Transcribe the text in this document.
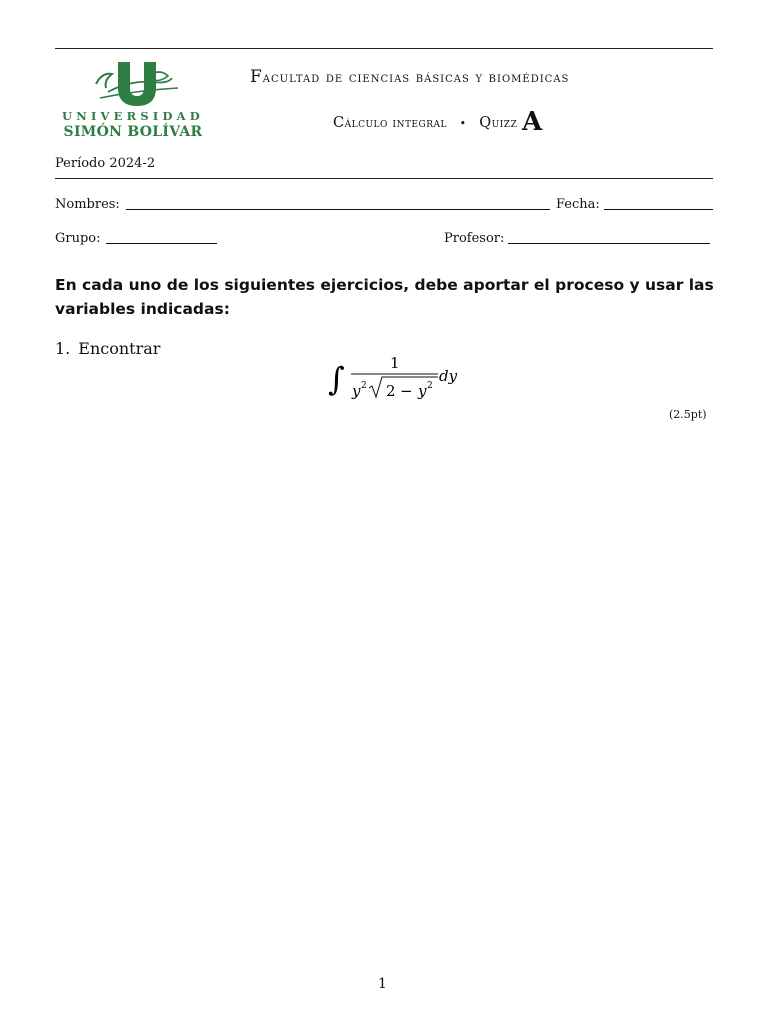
UNIVERSIDAD
SIMÓN BOLÍVAR
Facultad de ciencias básicas y biomédicas
Cálculo integral • Quizz A
Período 2024-2
Nombres:	Fecha:
Grupo:	Profesor:
En cada uno de los siguientes ejercicios, debe aportar el proceso y usar las variables indicadas:
1. Encontrar
∫	1
y 2 2 − y 2
dy
(2.5pt)
1
